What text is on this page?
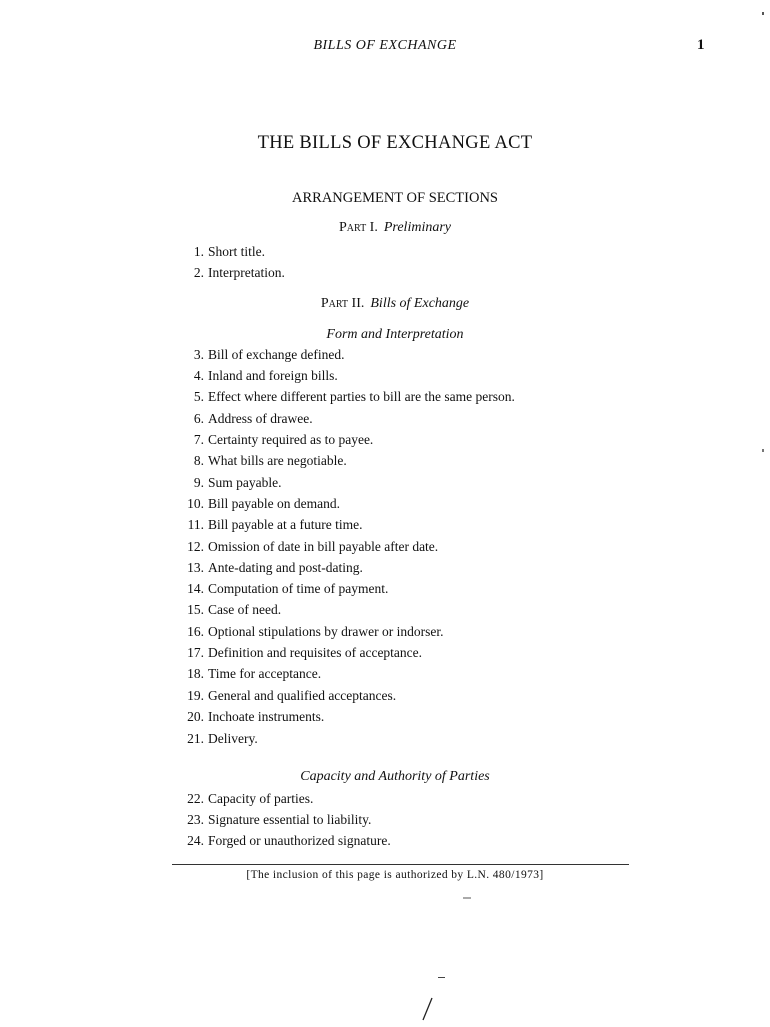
BILLS OF EXCHANGE	1
THE BILLS OF EXCHANGE ACT
ARRANGEMENT OF SECTIONS
Part I. Preliminary
1. Short title.
2. Interpretation.
Part II. Bills of Exchange
Form and Interpretation
3. Bill of exchange defined.
4. Inland and foreign bills.
5. Effect where different parties to bill are the same person.
6. Address of drawee.
7. Certainty required as to payee.
8. What bills are negotiable.
9. Sum payable.
10. Bill payable on demand.
11. Bill payable at a future time.
12. Omission of date in bill payable after date.
13. Ante-dating and post-dating.
14. Computation of time of payment.
15. Case of need.
16. Optional stipulations by drawer or indorser.
17. Definition and requisites of acceptance.
18. Time for acceptance.
19. General and qualified acceptances.
20. Inchoate instruments.
21. Delivery.
Capacity and Authority of Parties
22. Capacity of parties.
23. Signature essential to liability.
24. Forged or unauthorized signature.
[The inclusion of this page is authorized by L.N. 480/1973]
